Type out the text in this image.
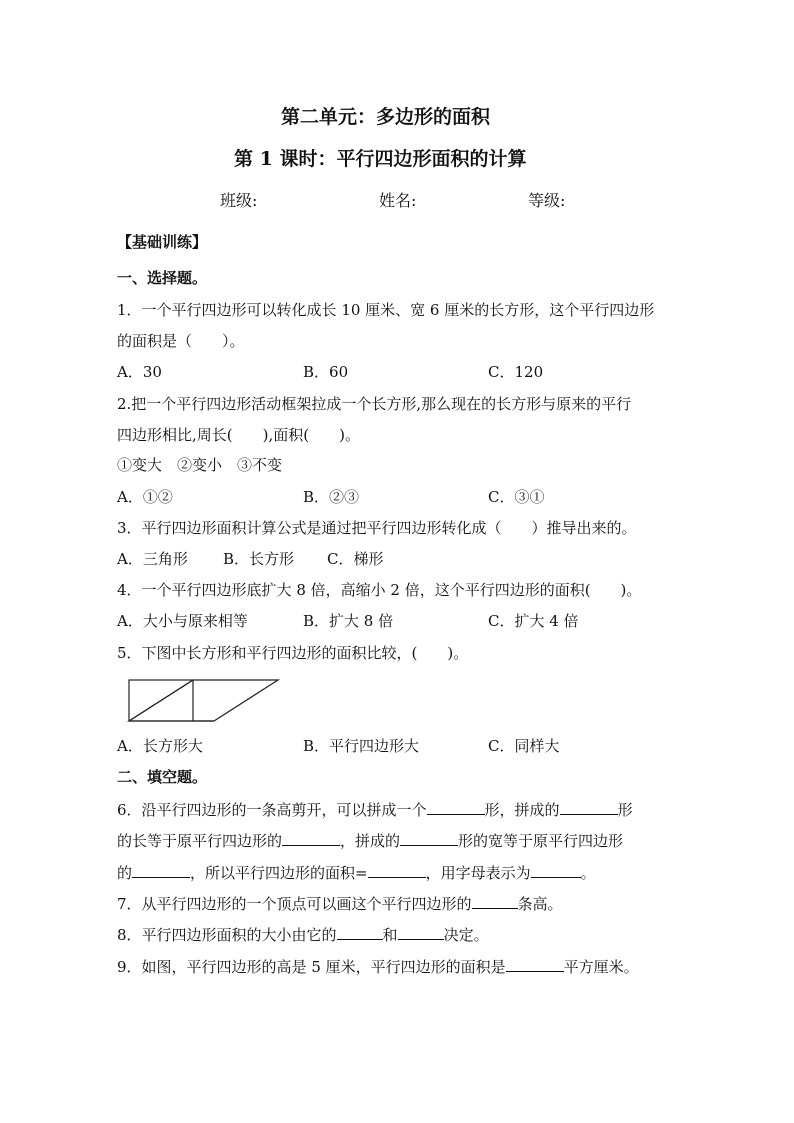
第二单元：多边形的面积
第 1 课时：平行四边形面积的计算
班级:	姓名:	等级:
【基础训练】
一、选择题。
1．一个平行四边形可以转化成长 10 厘米、宽 6 厘米的长方形，这个平行四边形
的面积是（　　）。
A．30	B．60	C．120
2.把一个平行四边形活动框架拉成一个长方形,那么现在的长方形与原来的平行
四边形相比,周长(　　),面积(　　)。
①变大　②变小　③不变
A．①②	B．②③	C．③①
3．平行四边形面积计算公式是通过把平行四边形转化成（　　）推导出来的。
A．三角形 B．长方形 C．梯形
4．一个平行四边形底扩大 8 倍，高缩小 2 倍，这个平行四边形的面积(　　)。
A．大小与原来相等	B．扩大 8 倍	C．扩大 4 倍
5．下图中长方形和平行四边形的面积比较，(　　)。
A．长方形大	B．平行四边形大	C．同样大
二、填空题。
6．沿平行四边形的一条高剪开，可以拼成一个	形，拼成的	形
的长等于原平行四边形的	，拼成的	形的宽等于原平行四边形
的	，所以平行四边形的面积=	，用字母表示为	。
7．从平行四边形的一个顶点可以画这个平行四边形的	条高。
8．平行四边形面积的大小由它的	和	决定。
9．如图，平行四边形的高是 5 厘米，平行四边形的面积是	平方厘米。
